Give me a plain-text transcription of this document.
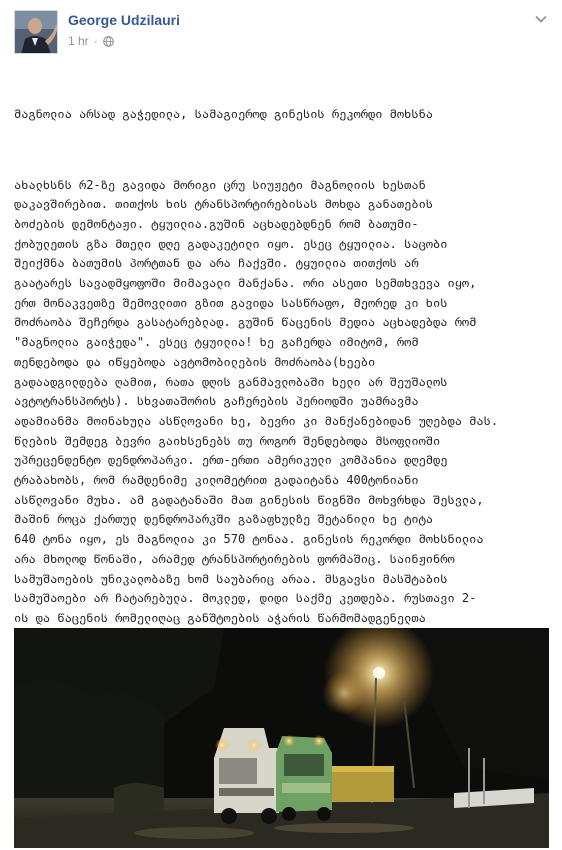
George Udzilauri
1 hr ·

მაგნოლია არსად გაჭედილა, სამაგიეროდ გინესის რეკორდი მოხსნა

ახალხსნს რ2-ზე გავიდა მორიგი ცრუ სიუჟეტი მაგნოლიის ხესთან
დაკავშირებით. თითქოს ხის ტრანსპორტირებისას მოხდა განათების
ბოძების დემონტაჟი. ტყუილია.გუშინ აცხადებდნენ რომ ბათუმი-
ქობულეთის გზა მთელი დღე გადაკეტილი იყო. ესეც ტყუილია. საცობი
შეიქმნა ბათუმის პორტთან და არა ჩაქვში. ტყუილია თითქოს არ
გაატარეს სავადმყოფოში მიმავალი მანქანა. ორი ასეთი სემთხვევა იყო,
ერთ მონაკვეთზე შემოვლითი გზით გავიდა სასწრაფო, მეორედ კი ხის
მოძრაობა შეჩერდა გასატარებლად. გუშინ წაცენის მედია აცხადებდა რომ
"მაგნოლია გაიჭედა". ესეც ტყუილია! ხე გაჩერდა იმიტომ, რომ
თენდებოდა და იწყებოდა ავტომობილების მოძრაობა(ხეები
გადაადგილდება ღამით, რათა დღის განმავლობაში ხელი არ შეუშალოს
ავტოტრანსპორტს). სხვათაშორის გაჩერების პერიოდში უამრავმა
ადამიანმა მოინახულა ასწლოვანი ხე, ბევრი კი მანქანებიდან უღებდა მას.
წლების შემდეგ ბევრი გაიხსენებს თუ როგორ შენდებოდა მსოფლიოში
უპრეცენდენტო დენდროპარკი. ერთ-ერთი ამერიკული კომპანია დღემდე
ტრაბახობს, რომ რამდენიმე კილომეტრით გადაიტანა 400ტონიანი
ასწლოვანი მუხა. ამ გადატანაში მათ გინესის წიგნში მოხვრხდა შესვლა,
მაშინ როცა ქართულ დენდროპარკში გაზაფხულზე შეტანილი ხე ტიტა
640 ტონა იყო, ეს მაგნოლია კი 570 ტონაა. გინესის რეკორდი მოხსნილია
არა მხოლოდ წონაში, არამედ ტრანსპორტირების ფორმაშიც. საინჟინრო
სამუშაოების უნიკალობაზე ხომ საუბარიც არაა. მსგავსი მასშტაბის
სამუშაოები არ ჩატარებულა. მოკლედ, დიდი საქმე კეთდება. რუსთავი 2-
ის და წაცენის რომელიღაც განშტოების აჭარის წარმომადგენელთა
